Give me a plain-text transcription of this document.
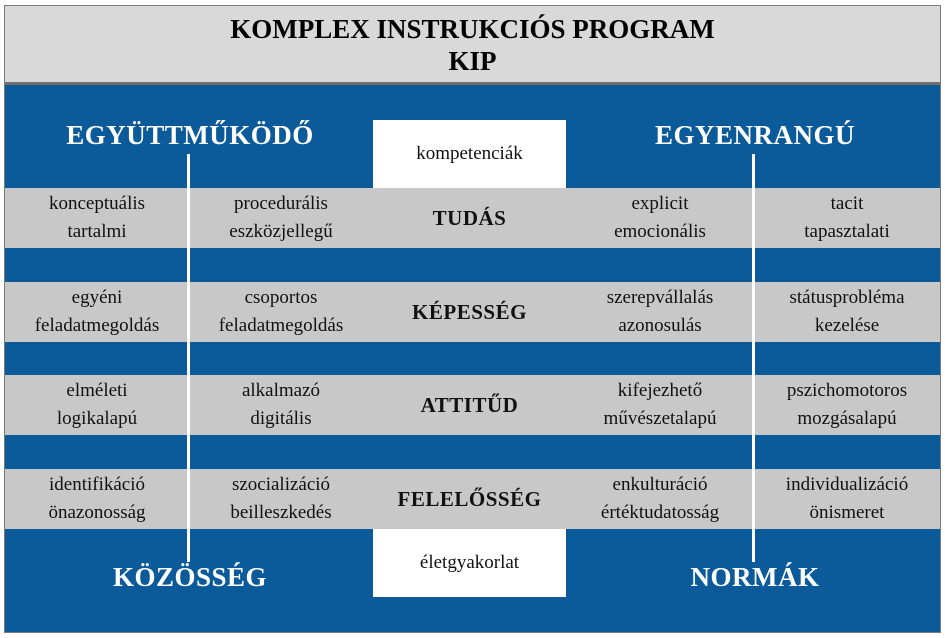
KOMPLEX INSTRUKCIÓS PROGRAM
KIP
kompetenciák
életgyakorlat
EGYÜTTMŰKÖDŐ	EGYENRANGÚ
KÖZÖSSÉG	NORMÁK
konceptuális
tartalmi
procedurális
eszközjellegű
TUDÁS
explicit
emocionális
tacit
tapasztalati
egyéni
feladatmegoldás
csoportos
feladatmegoldás
KÉPESSÉG
szerepvállalás
azonosulás
státusprobléma
kezelése
elméleti
logikalapú
alkalmazó
digitális
ATTITŰD
kifejezhető
művészetalapú
pszichomotoros
mozgásalapú
identifikáció
önazonosság
szocializáció
beilleszkedés
FELELŐSSÉG
enkulturáció
értéktudatosság
individualizáció
önismeret
